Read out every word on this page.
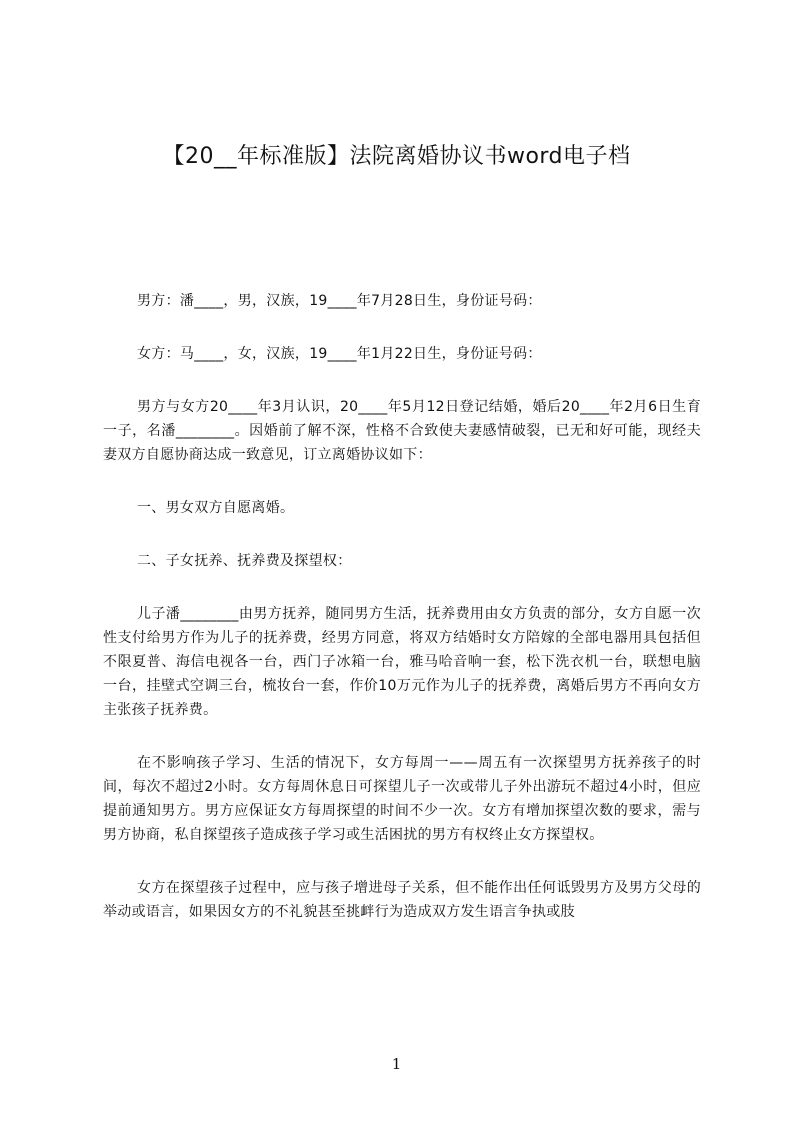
【20__年标准版】法院离婚协议书word电子档

男方：潘____，男，汉族，19____年7月28日生，身份证号码：

女方：马____，女，汉族，19____年1月22日生，身份证号码：

男方与女方20____年3月认识，20____年5月12日登记结婚，婚后20____年2月6日生育一子，名潘________。因婚前了解不深，性格不合致使夫妻感情破裂，已无和好可能，现经夫妻双方自愿协商达成一致意见，订立离婚协议如下：

一、男女双方自愿离婚。

二、子女抚养、抚养费及探望权：

儿子潘________由男方抚养，随同男方生活，抚养费用由女方负责的部分，女方自愿一次性支付给男方作为儿子的抚养费，经男方同意，将双方结婚时女方陪嫁的全部电器用具包括但不限夏普、海信电视各一台，西门子冰箱一台，雅马哈音响一套，松下洗衣机一台，联想电脑一台，挂壁式空调三台，梳妆台一套，作价10万元作为儿子的抚养费，离婚后男方不再向女方主张孩子抚养费。

在不影响孩子学习、生活的情况下，女方每周一——周五有一次探望男方抚养孩子的时间，每次不超过2小时。女方每周休息日可探望儿子一次或带儿子外出游玩不超过4小时，但应提前通知男方。男方应保证女方每周探望的时间不少一次。女方有增加探望次数的要求，需与男方协商，私自探望孩子造成孩子学习或生活困扰的男方有权终止女方探望权。

女方在探望孩子过程中，应与孩子增进母子关系，但不能作出任何诋毁男方及男方父母的举动或语言，如果因女方的不礼貌甚至挑衅行为造成双方发生语言争执或肢

1
